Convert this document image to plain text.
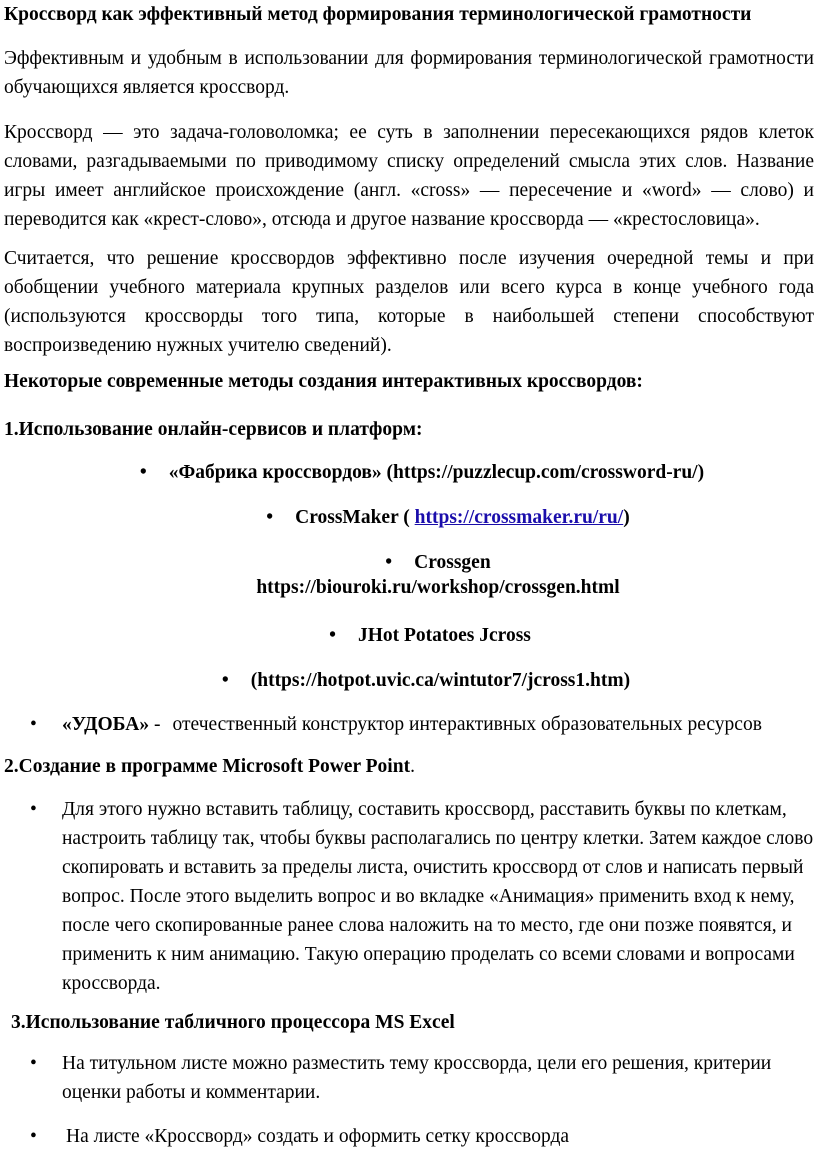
Кроссворд как эффективный метод формирования терминологической грамотности
Эффективным и удобным в использовании для формирования терминологической грамотности обучающихся является кроссворд.
Кроссворд — это задача-головоломка; ее суть в заполнении пересекающихся рядов клеток словами, разгадываемыми по приводимому списку определений смысла этих слов. Название игры имеет английское происхождение (англ. «cross» — пересечение и «word» — слово) и переводится как «крест-слово», отсюда и другое название кроссворда — «крестословица».
Считается, что решение кроссвордов эффективно после изучения очередной темы и при обобщении учебного материала крупных разделов или всего курса в конце учебного года (используются кроссворды того типа, которые в наибольшей степени способствуют воспроизведению нужных учителю сведений).
Некоторые современные методы создания интерактивных кроссвордов:
1.Использование онлайн-сервисов и платформ:
• «Фабрика кроссвордов» (https://puzzlecup.com/crossword-ru/)
• CrossMaker ( https://crossmaker.ru/ru/)
• Crossgen
https://biouroki.ru/workshop/crossgen.html
• JHot Potatoes Jcross
• (https://hotpot.uvic.ca/wintutor7/jcross1.htm)
• «УДОБА» - отечественный конструктор интерактивных образовательных ресурсов
2.Создание в программе Microsoft Power Point.
• Для этого нужно вставить таблицу, составить кроссворд, расставить буквы по клеткам, настроить таблицу так, чтобы буквы располагались по центру клетки. Затем каждое слово скопировать и вставить за пределы листа, очистить кроссворд от слов и написать первый вопрос. После этого выделить вопрос и во вкладке «Анимация» применить вход к нему, после чего скопированные ранее слова наложить на то место, где они позже появятся, и применить к ним анимацию. Такую операцию проделать со всеми словами и вопросами кроссворда.
3.Использование табличного процессора MS Excel
• На титульном листе можно разместить тему кроссворда, цели его решения, критерии оценки работы и комментарии.
• На листе «Кроссворд» создать и оформить сетку кроссворда
